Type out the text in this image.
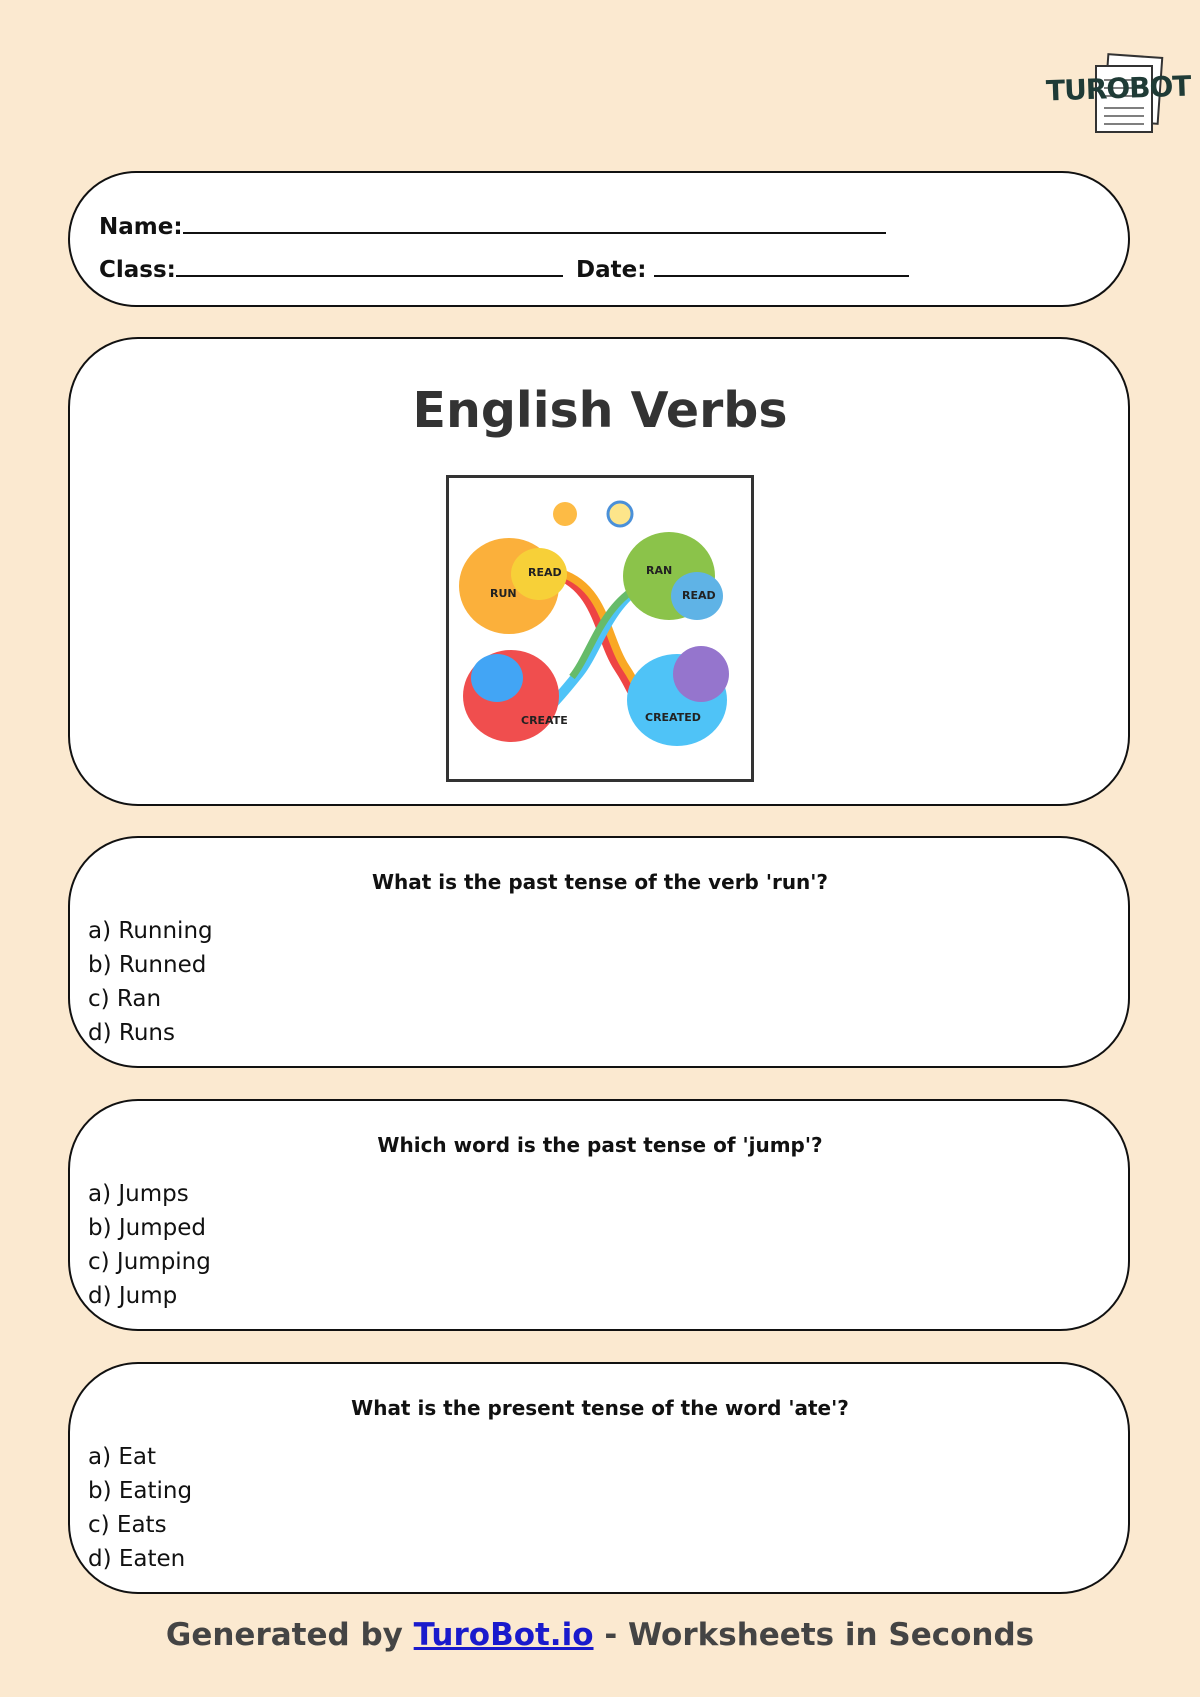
TUROBOT
Name:
Class:	Date:
English Verbs
RUN
READ	RAN
READ
CREATE	CREATED
What is the past tense of the verb 'run'?
a) Running
b) Runned
c) Ran
d) Runs
Which word is the past tense of 'jump'?
a) Jumps
b) Jumped
c) Jumping
d) Jump
What is the present tense of the word 'ate'?
a) Eat
b) Eating
c) Eats
d) Eaten
Generated by TuroBot.io - Worksheets in Seconds
